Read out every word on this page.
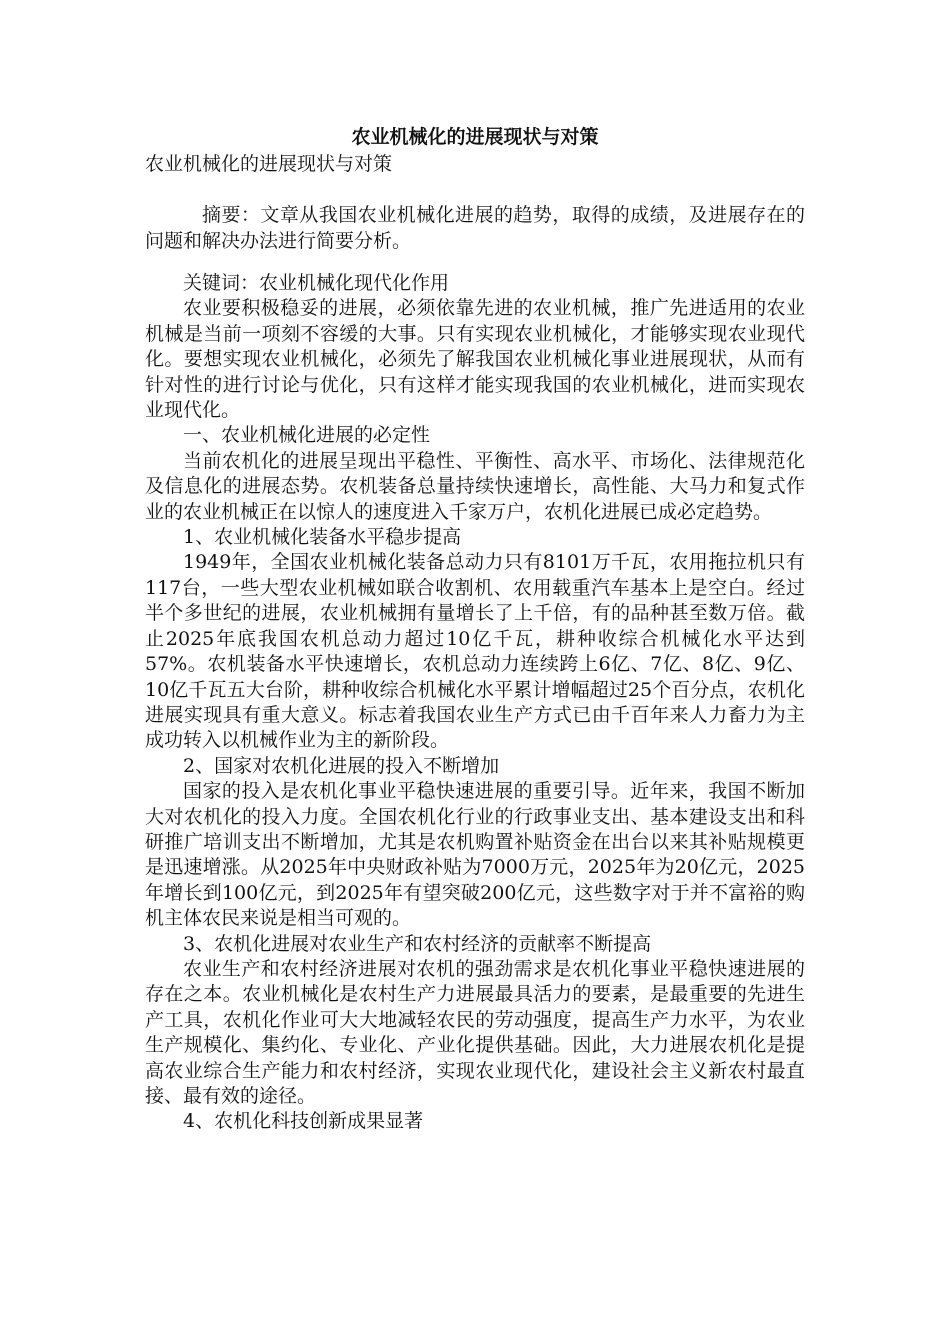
农业机械化的进展现状与对策
农业机械化的进展现状与对策
摘要：文章从我国农业机械化进展的趋势，取得的成绩，及进展存在的问题和解决办法进行简要分析。

关键词：农业机械化现代化作用

农业要积极稳妥的进展，必须依靠先进的农业机械，推广先进适用的农业机械是当前一项刻不容缓的大事。只有实现农业机械化，才能够实现农业现代化。要想实现农业机械化，必须先了解我国农业机械化事业进展现状，从而有针对性的进行讨论与优化，只有这样才能实现我国的农业机械化，进而实现农业现代化。

一、农业机械化进展的必定性

当前农机化的进展呈现出平稳性、平衡性、高水平、市场化、法律规范化及信息化的进展态势。农机装备总量持续快速增长，高性能、大马力和复式作业的农业机械正在以惊人的速度进入千家万户，农机化进展已成必定趋势。

1、农业机械化装备水平稳步提高

1949年，全国农业机械化装备总动力只有8101万千瓦，农用拖拉机只有117台，一些大型农业机械如联合收割机、农用载重汽车基本上是空白。经过半个多世纪的进展，农业机械拥有量增长了上千倍，有的品种甚至数万倍。截止2025年底我国农机总动力超过10亿千瓦，耕种收综合机械化水平达到57%。农机装备水平快速增长，农机总动力连续跨上6亿、7亿、8亿、9亿、10亿千瓦五大台阶，耕种收综合机械化水平累计增幅超过25个百分点，农机化进展实现具有重大意义。标志着我国农业生产方式已由千百年来人力畜力为主成功转入以机械作业为主的新阶段。

2、国家对农机化进展的投入不断增加

国家的投入是农机化事业平稳快速进展的重要引导。近年来，我国不断加大对农机化的投入力度。全国农机化行业的行政事业支出、基本建设支出和科研推广培训支出不断增加，尤其是农机购置补贴资金在出台以来其补贴规模更是迅速增涨。从2025年中央财政补贴为7000万元，2025年为20亿元，2025年增长到100亿元，到2025年有望突破200亿元，这些数字对于并不富裕的购机主体农民来说是相当可观的。

3、农机化进展对农业生产和农村经济的贡献率不断提高

农业生产和农村经济进展对农机的强劲需求是农机化事业平稳快速进展的存在之本。农业机械化是农村生产力进展最具活力的要素，是最重要的先进生产工具，农机化作业可大大地减轻农民的劳动强度，提高生产力水平，为农业生产规模化、集约化、专业化、产业化提供基础。因此，大力进展农机化是提高农业综合生产能力和农村经济，实现农业现代化，建设社会主义新农村最直接、最有效的途径。

4、农机化科技创新成果显著
